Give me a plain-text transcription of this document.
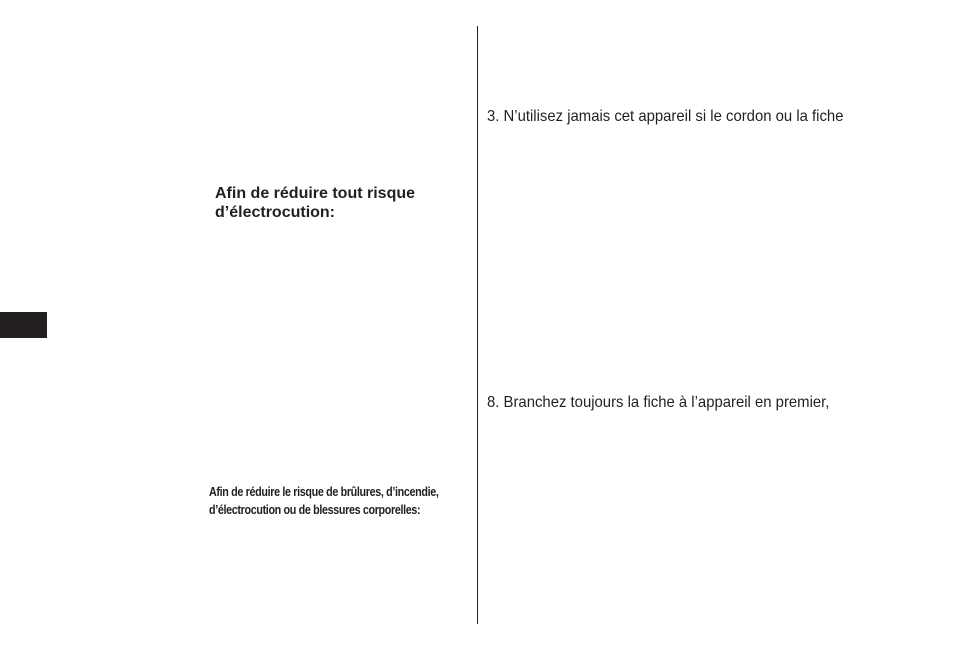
Afin de réduire tout risque
d’électrocution:
Afin de réduire le risque de brûlures, d’incendie,
d’électrocution ou de blessures corporelles:
3. N’utilisez jamais cet appareil si le cordon ou la fiche
8. Branchez toujours la fiche à l’appareil en premier,
